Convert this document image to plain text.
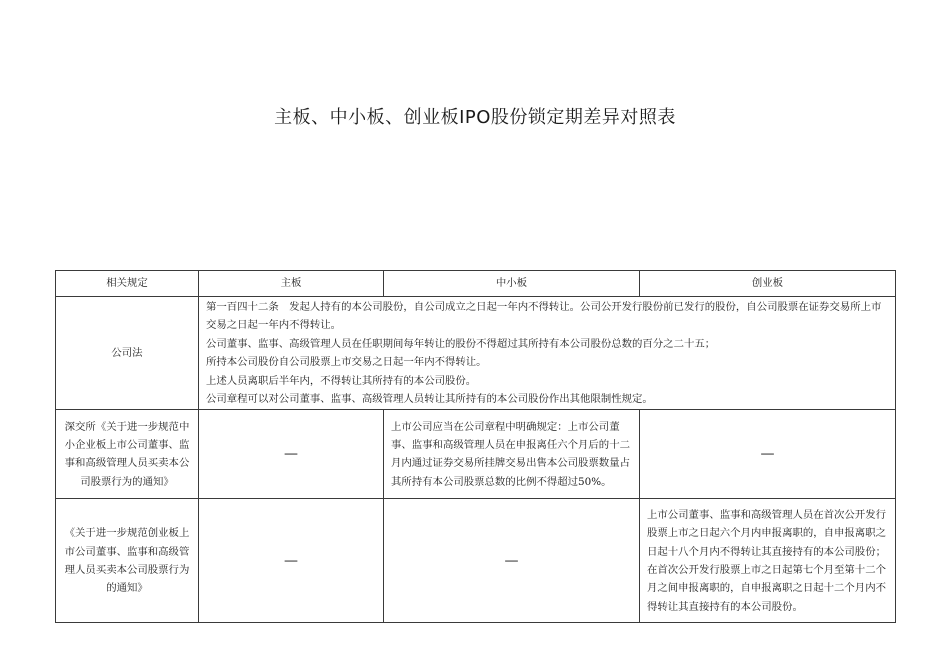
主板、中小板、创业板IPO股份锁定期差异对照表
相关规定	主板	中小板	创业板
公司法	第一百四十二条　发起人持有的本公司股份，自公司成立之日起一年内不得转让。公司公开发行股份前已发行的股份，自公司股票在证券交易所上市交易之日起一年内不得转让。
公司董事、监事、高级管理人员在任职期间每年转让的股份不得超过其所持有本公司股份总数的百分之二十五；
所持本公司股份自公司股票上市交易之日起一年内不得转让。
上述人员离职后半年内，不得转让其所持有的本公司股份。
公司章程可以对公司董事、监事、高级管理人员转让其所持有的本公司股份作出其他限制性规定。		

深交所《关于进一步规范中小企业板上市公司董事、监事和高级管理人员买卖本公司股票行为的通知》	—	上市公司应当在公司章程中明确规定：上市公司董事、监事和高级管理人员在申报离任六个月后的十二月内通过证券交易所挂牌交易出售本公司股票数量占其所持有本公司股票总数的比例不得超过50%。	—
《关于进一步规范创业板上市公司董事、监事和高级管理人员买卖本公司股票行为的通知》	—	—	上市公司董事、监事和高级管理人员在首次公开发行股票上市之日起六个月内申报离职的，自申报离职之日起十八个月内不得转让其直接持有的本公司股份；在首次公开发行股票上市之日起第七个月至第十二个月之间申报离职的，自申报离职之日起十二个月内不得转让其直接持有的本公司股份。
